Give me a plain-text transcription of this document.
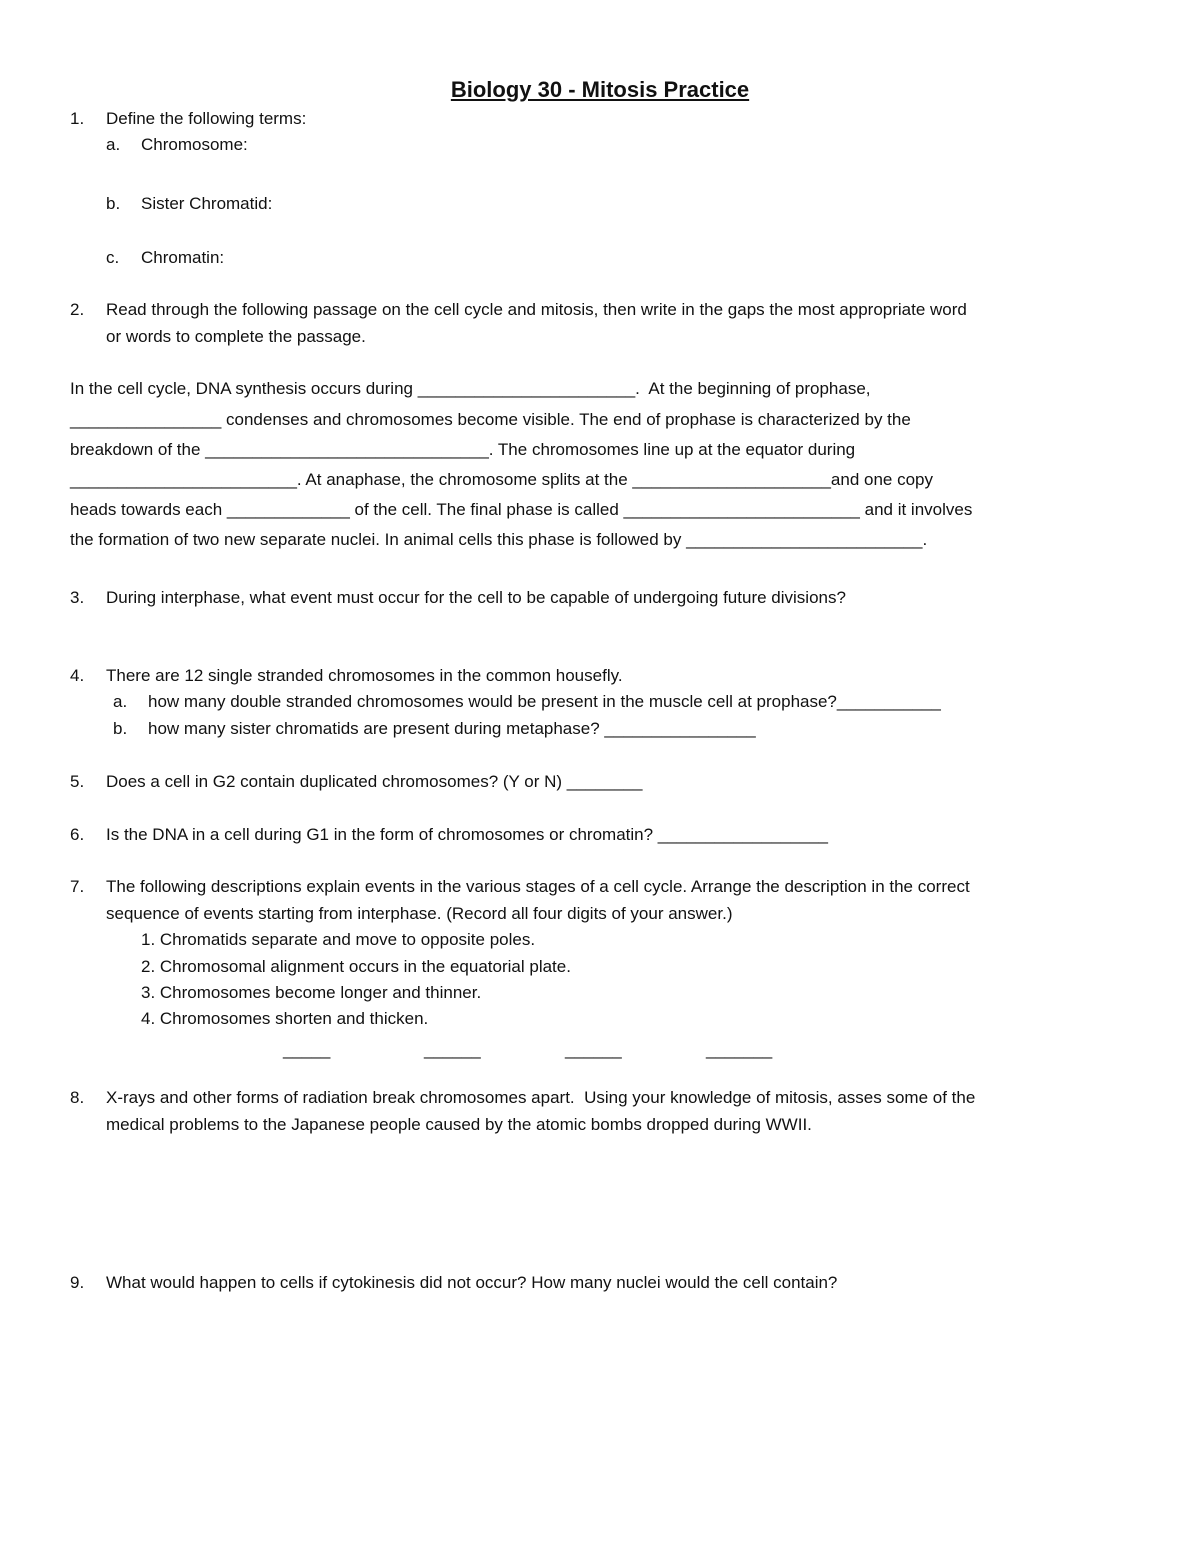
Biology 30 - Mitosis Practice
1. Define the following terms:
a. Chromosome:
b. Sister Chromatid:
c. Chromatin:
2. Read through the following passage on the cell cycle and mitosis, then write in the gaps the most appropriate word
or words to complete the passage.
In the cell cycle, DNA synthesis occurs during _______________________.  At the beginning of prophase,
________________ condenses and chromosomes become visible. The end of prophase is characterized by the
breakdown of the ______________________________. The chromosomes line up at the equator during
________________________. At anaphase, the chromosome splits at the _____________________and one copy
heads towards each _____________ of the cell. The final phase is called _________________________ and it involves
the formation of two new separate nuclei. In animal cells this phase is followed by _________________________.
3. During interphase, what event must occur for the cell to be capable of undergoing future divisions?
4. There are 12 single stranded chromosomes in the common housefly.
a. how many double stranded chromosomes would be present in the muscle cell at prophase?___________
b. how many sister chromatids are present during metaphase? ________________
5. Does a cell in G2 contain duplicated chromosomes? (Y or N) ________
6. Is the DNA in a cell during G1 in the form of chromosomes or chromatin? __________________
7. The following descriptions explain events in the various stages of a cell cycle. Arrange the description in the correct
sequence of events starting from interphase. (Record all four digits of your answer.)
1. Chromatids separate and move to opposite poles.
2. Chromosomal alignment occurs in the equatorial plate.
3. Chromosomes become longer and thinner.
4. Chromosomes shorten and thicken.
_____	______	______	_______
8. X-rays and other forms of radiation break chromosomes apart.  Using your knowledge of mitosis, asses some of the
medical problems to the Japanese people caused by the atomic bombs dropped during WWII.
9. What would happen to cells if cytokinesis did not occur? How many nuclei would the cell contain?
